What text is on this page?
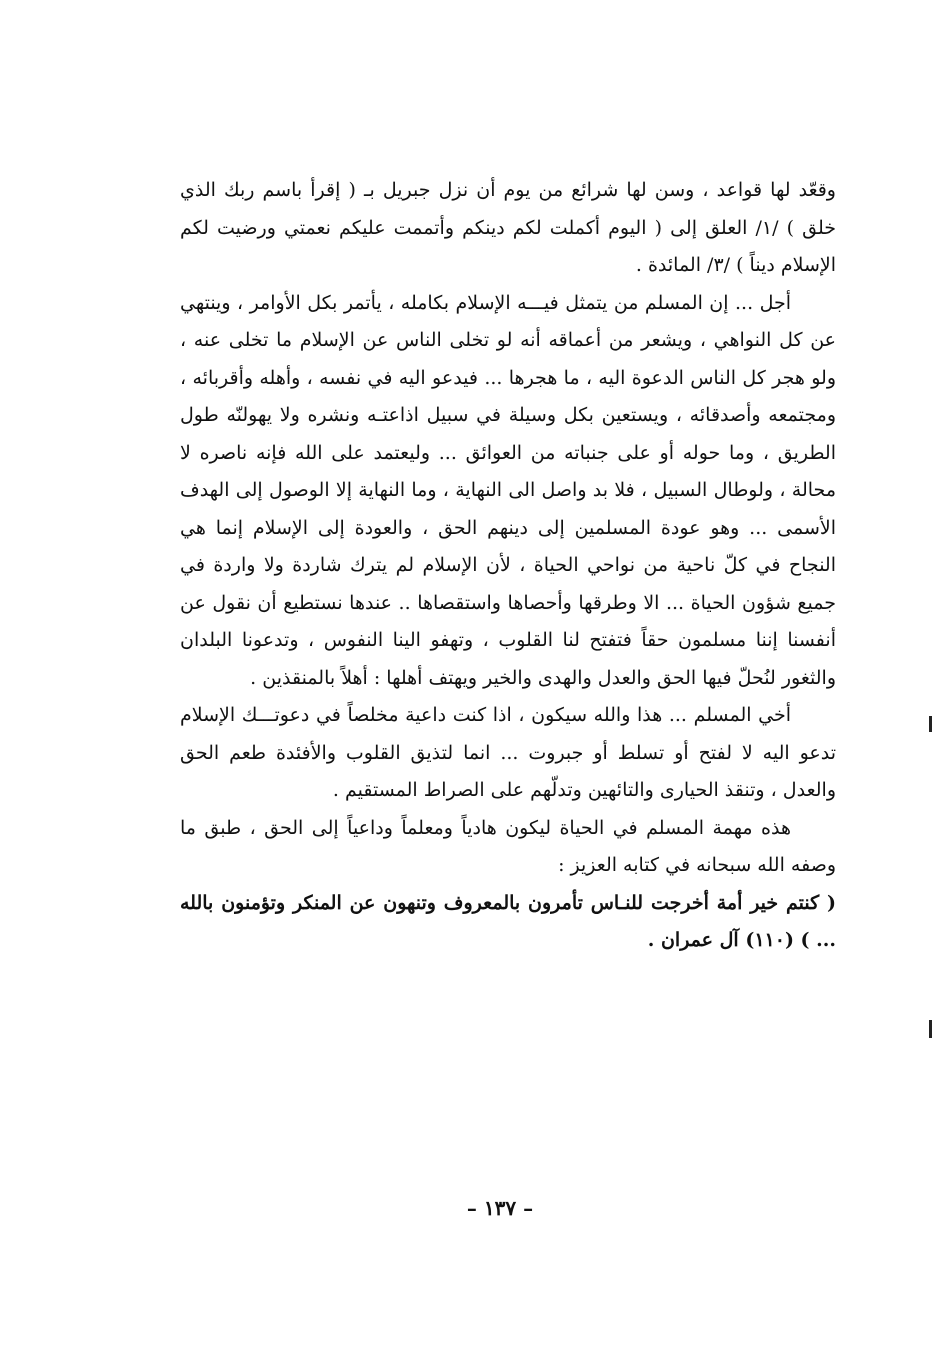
وقعّد لها قواعد ، وسن لها شرائع من يوم أن نزل جبريل بـ ( إقرأ باسم ربك الذي خلق ) /١/ العلق إلى ( اليوم أكملت لكم دينكم وأتممت عليكم نعمتي ورضيت لكم الإسلام ديناً ) /٣/ المائدة .

أجل ... إن المسلم من يتمثل فيـــه الإسلام بكامله ، يأتمر بكل الأوامر ، وينتهي عن كل النواهي ، ويشعر من أعماقه أنه لو تخلى الناس عن الإسلام ما تخلى عنه ، ولو هجر كل الناس الدعوة اليه ، ما هجرها ... فيدعو اليه في نفسه ، وأهله وأقربائه ، ومجتمعه وأصدقائه ، ويستعين بكل وسيلة في سبيل اذاعتـه ونشره ولا يهولنّه طول الطريق ، وما حوله أو على جنباته من العوائق ... وليعتمد على الله فإنه ناصره لا محالة ، ولوطال السبيل ، فلا بد واصل الى النهاية ، وما النهاية إلا الوصول إلى الهدف الأسمى ... وهو عودة المسلمين إلى دينهم الحق ، والعودة إلى الإسلام إنما هي النجاح في كلّ ناحية من نواحي الحياة ، لأن الإسلام لم يترك شاردة ولا واردة في جميع شؤون الحياة ... الا وطرقها وأحصاها واستقصاها .. عندها نستطيع أن نقول عن أنفسنا إننا مسلمون حقاً فتفتح لنا القلوب ، وتهفو الينا النفوس ، وتدعونا البلدان والثغور لنُحلّ فيها الحق والعدل والهدى والخير ويهتف أهلها : أهلاً بالمنقذين .

أخي المسلم ... هذا والله سيكون ، اذا كنت داعية مخلصاً في دعوتـــك الإسلام تدعو اليه لا لفتح أو تسلط أو جبروت ... انما لتذيق القلوب والأفئدة طعم الحق والعدل ، وتنقذ الحيارى والتائهين وتدلّهم على الصراط المستقيم .

هذه مهمة المسلم في الحياة ليكون هادياً ومعلماً وداعياً إلى الحق ، طبق ما وصفه الله سبحانه في كتابه العزيز :

( كنتم خير أمة أخرجت للنـاس تأمرون بالمعروف وتنهون عن المنكر وتؤمنون بالله ... ) (١١٠) آل عمران .

– ١٣٧ –
